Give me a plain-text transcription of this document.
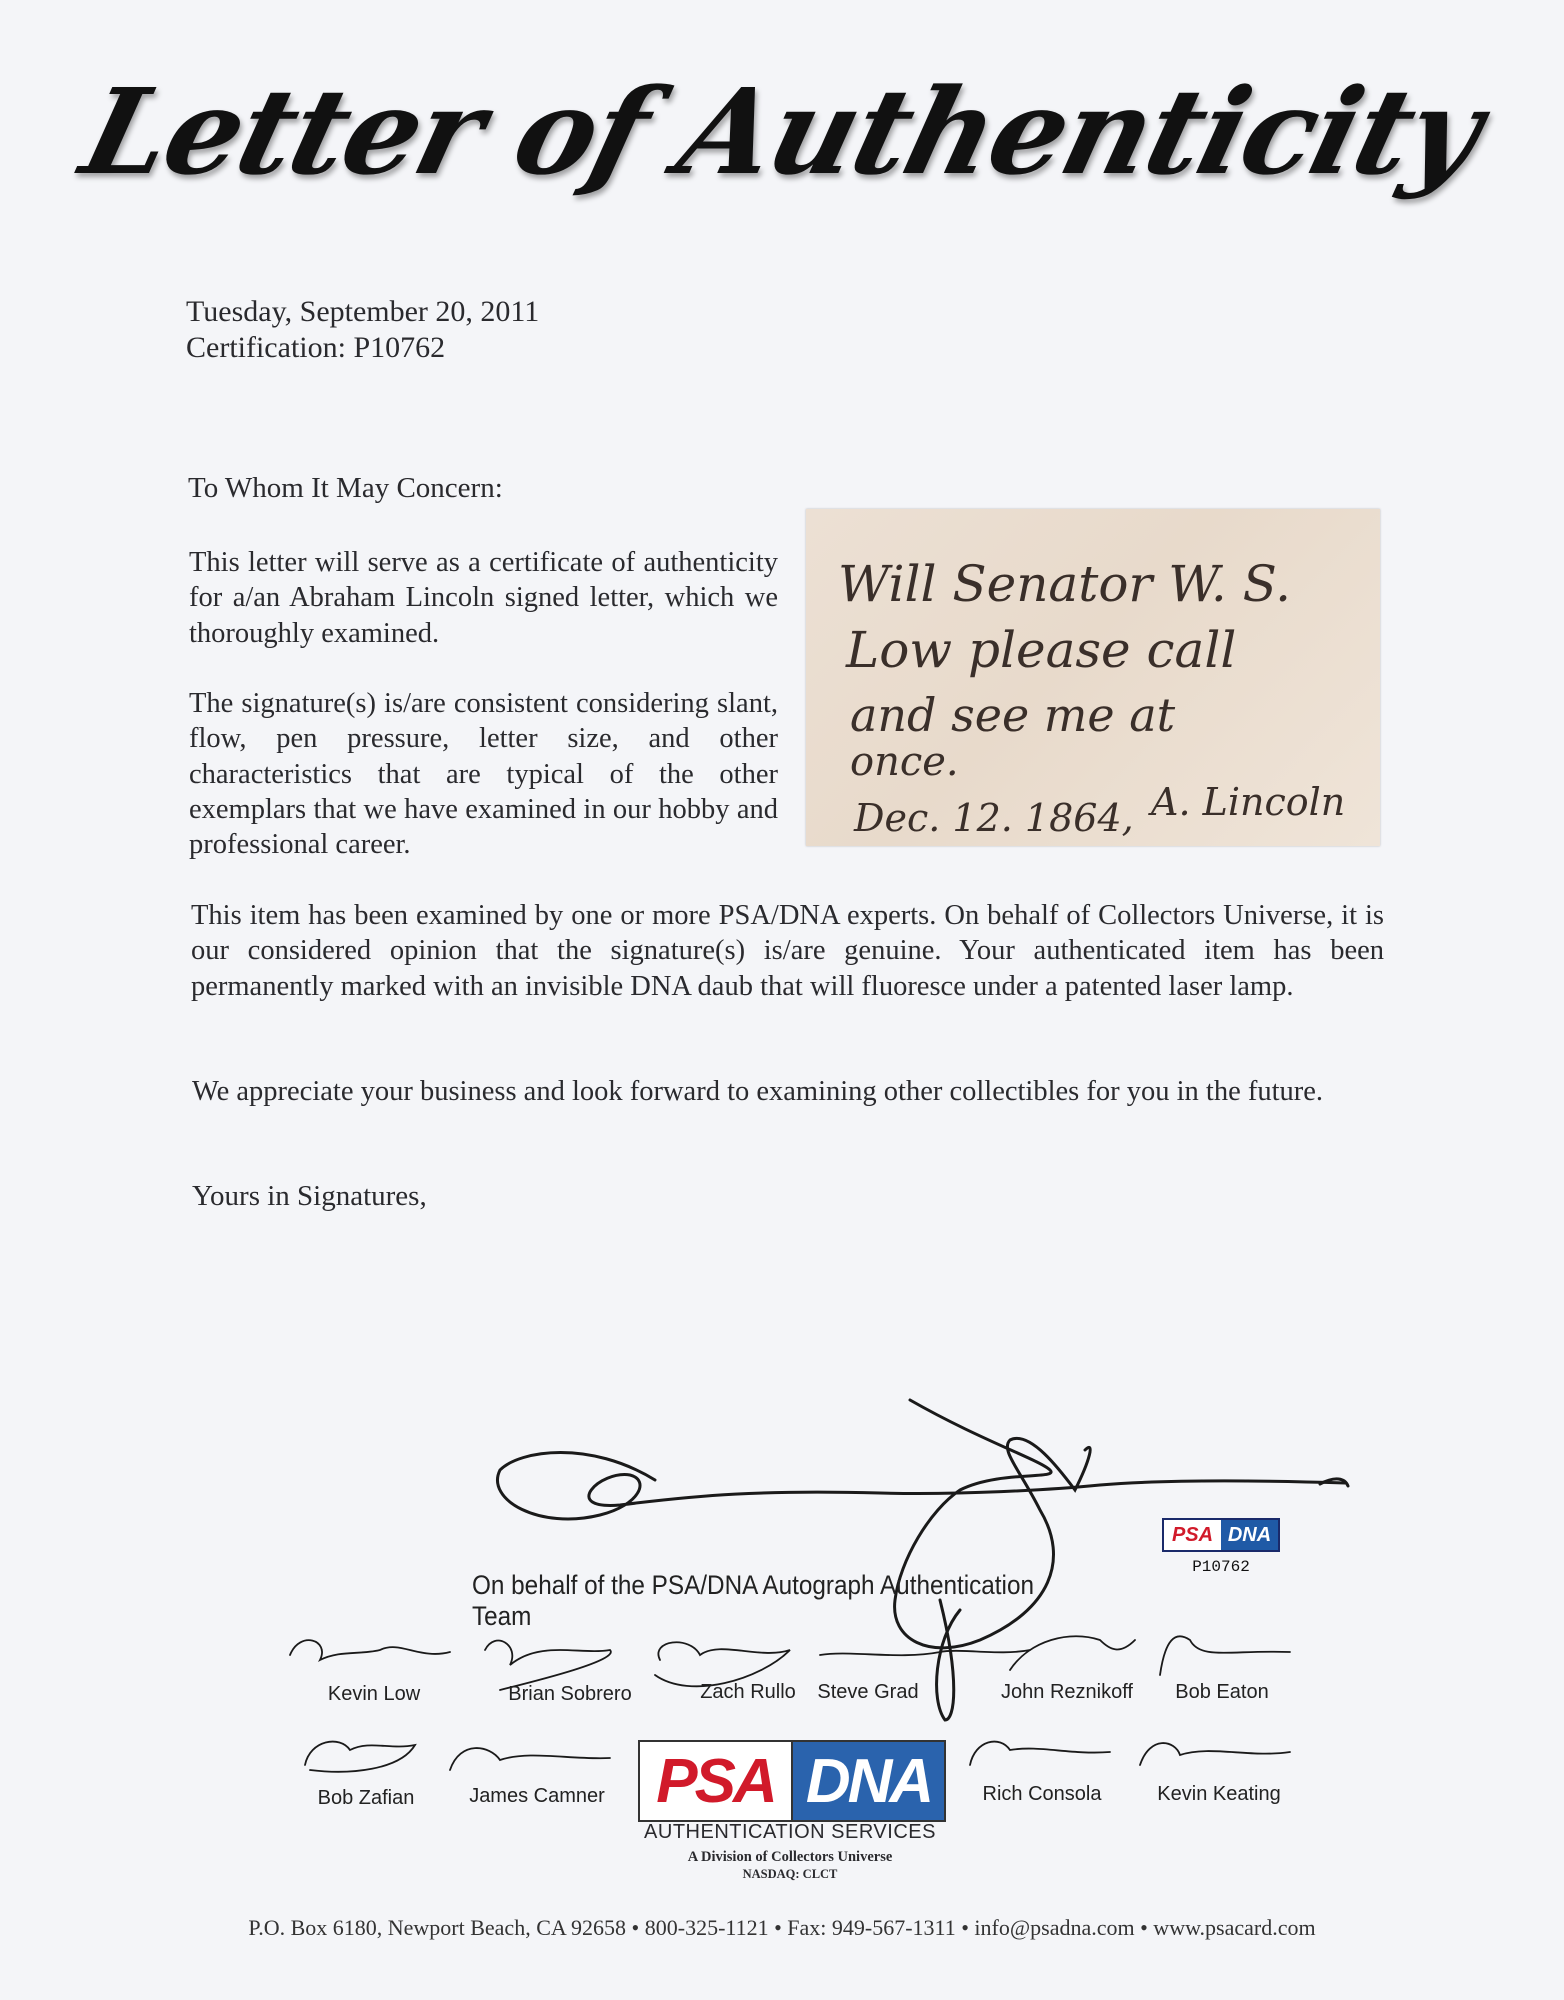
Letter of Authenticity
Tuesday, September 20, 2011
Certification: P10762
To Whom It May Concern:
This letter will serve as a certificate of authenticity for a/an Abraham Lincoln signed letter, which we thoroughly examined.
The signature(s) is/are consistent considering slant, flow, pen pressure, letter size, and other characteristics that are typical of the other exemplars that we have examined in our hobby and professional career.
Will Senator W. S.
Low please call
and see me at
once.
Dec. 12. 1864, A. Lincoln
This item has been examined by one or more PSA/DNA experts. On behalf of Collectors Universe, it is our considered opinion that the signature(s) is/are genuine. Your authenticated item has been permanently marked with an invisible DNA daub that will fluoresce under a patented laser lamp.
We appreciate your business and look forward to examining other collectibles for you in the future.
Yours in Signatures,
PSA DNA
P10762
On behalf of the PSA/DNA Autograph Authentication Team
Kevin Low	Brian Sobrero	Zach Rullo	Steve Grad	John Reznikoff	Bob Eaton
Bob Zafian	James Camner	Rich Consola	Kevin Keating
PSA DNA
AUTHENTICATION SERVICES
A Division of Collectors Universe
NASDAQ: CLCT
P.O. Box 6180, Newport Beach, CA 92658 • 800-325-1121 • Fax: 949-567-1311 • info@psadna.com • www.psacard.com
